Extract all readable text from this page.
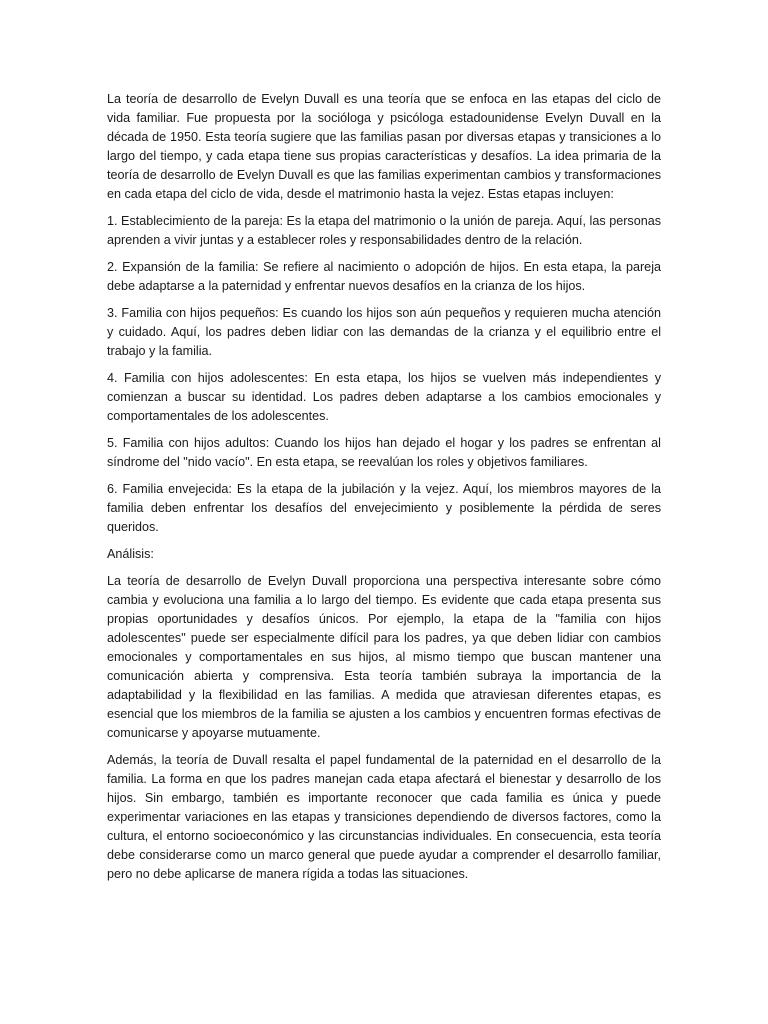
La teoría de desarrollo de Evelyn Duvall es una teoría que se enfoca en las etapas del ciclo de vida familiar. Fue propuesta por la socióloga y psicóloga estadounidense Evelyn Duvall en la década de 1950. Esta teoría sugiere que las familias pasan por diversas etapas y transiciones a lo largo del tiempo, y cada etapa tiene sus propias características y desafíos. La idea primaria de la teoría de desarrollo de Evelyn Duvall es que las familias experimentan cambios y transformaciones en cada etapa del ciclo de vida, desde el matrimonio hasta la vejez. Estas etapas incluyen:

1. Establecimiento de la pareja: Es la etapa del matrimonio o la unión de pareja. Aquí, las personas aprenden a vivir juntas y a establecer roles y responsabilidades dentro de la relación.

2. Expansión de la familia: Se refiere al nacimiento o adopción de hijos. En esta etapa, la pareja debe adaptarse a la paternidad y enfrentar nuevos desafíos en la crianza de los hijos.

3. Familia con hijos pequeños: Es cuando los hijos son aún pequeños y requieren mucha atención y cuidado. Aquí, los padres deben lidiar con las demandas de la crianza y el equilibrio entre el trabajo y la familia.

4. Familia con hijos adolescentes: En esta etapa, los hijos se vuelven más independientes y comienzan a buscar su identidad. Los padres deben adaptarse a los cambios emocionales y comportamentales de los adolescentes.

5. Familia con hijos adultos: Cuando los hijos han dejado el hogar y los padres se enfrentan al síndrome del "nido vacío". En esta etapa, se reevalúan los roles y objetivos familiares.

6. Familia envejecida: Es la etapa de la jubilación y la vejez. Aquí, los miembros mayores de la familia deben enfrentar los desafíos del envejecimiento y posiblemente la pérdida de seres queridos.

Análisis:

La teoría de desarrollo de Evelyn Duvall proporciona una perspectiva interesante sobre cómo cambia y evoluciona una familia a lo largo del tiempo. Es evidente que cada etapa presenta sus propias oportunidades y desafíos únicos. Por ejemplo, la etapa de la "familia con hijos adolescentes" puede ser especialmente difícil para los padres, ya que deben lidiar con cambios emocionales y comportamentales en sus hijos, al mismo tiempo que buscan mantener una comunicación abierta y comprensiva. Esta teoría también subraya la importancia de la adaptabilidad y la flexibilidad en las familias. A medida que atraviesan diferentes etapas, es esencial que los miembros de la familia se ajusten a los cambios y encuentren formas efectivas de comunicarse y apoyarse mutuamente.

Además, la teoría de Duvall resalta el papel fundamental de la paternidad en el desarrollo de la familia. La forma en que los padres manejan cada etapa afectará el bienestar y desarrollo de los hijos. Sin embargo, también es importante reconocer que cada familia es única y puede experimentar variaciones en las etapas y transiciones dependiendo de diversos factores, como la cultura, el entorno socioeconómico y las circunstancias individuales. En consecuencia, esta teoría debe considerarse como un marco general que puede ayudar a comprender el desarrollo familiar, pero no debe aplicarse de manera rígida a todas las situaciones.
